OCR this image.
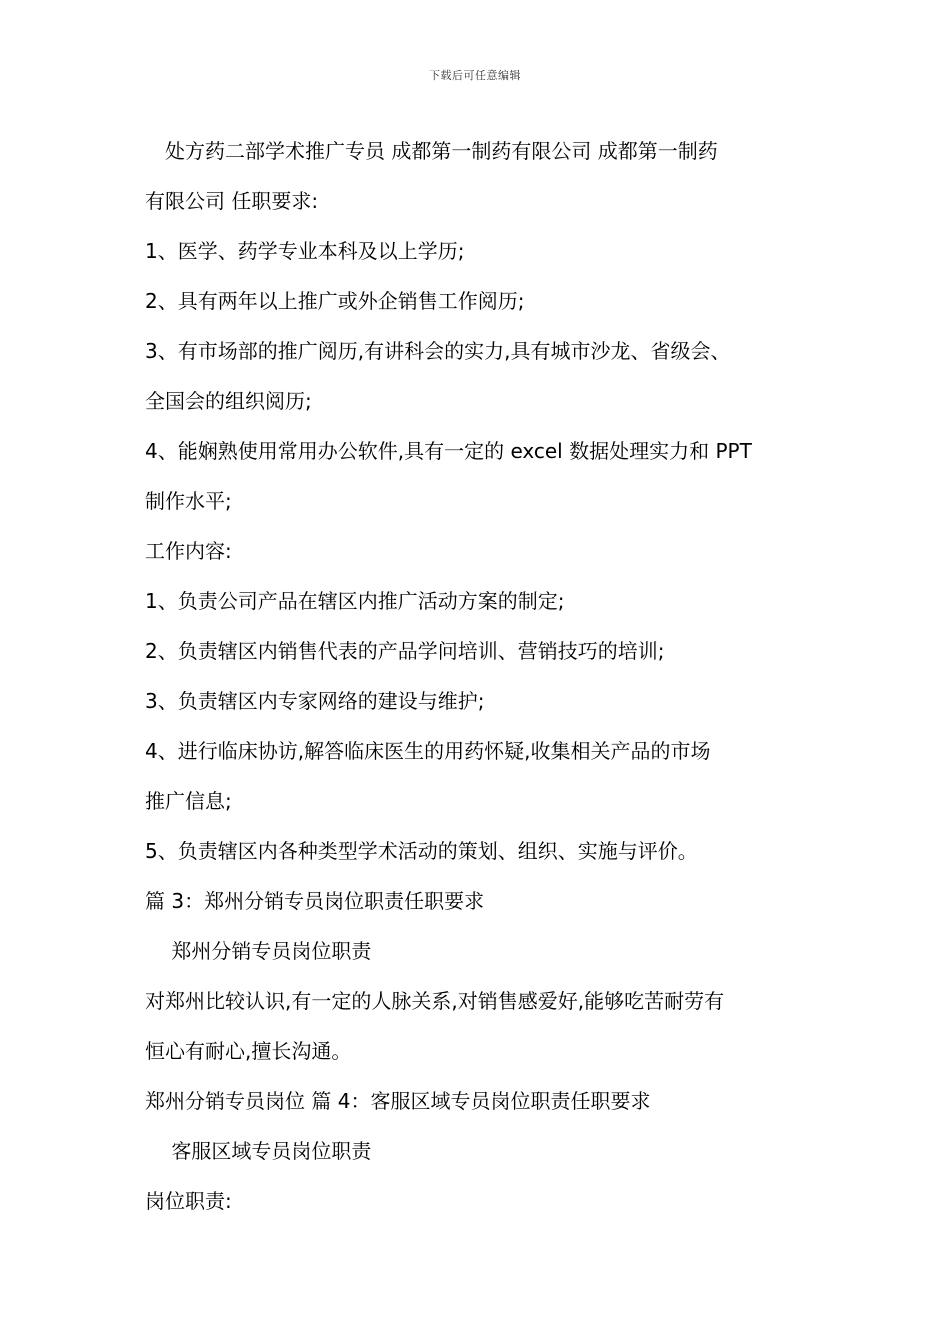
下载后可任意编辑
　处方药二部学术推广专员 成都第一制药有限公司 成都第一制药
有限公司 任职要求:
1、医学、药学专业本科及以上学历;
2、具有两年以上推广或外企销售工作阅历;
3、有市场部的推广阅历,有讲科会的实力,具有城市沙龙、省级会、
全国会的组织阅历;
4、能娴熟使用常用办公软件,具有一定的 excel 数据处理实力和 PPT
制作水平;
工作内容:
1、负责公司产品在辖区内推广活动方案的制定;
2、负责辖区内销售代表的产品学问培训、营销技巧的培训;
3、负责辖区内专家网络的建设与维护;
4、进行临床协访,解答临床医生的用药怀疑,收集相关产品的市场
推广信息;
5、负责辖区内各种类型学术活动的策划、组织、实施与评价。
篇 3：郑州分销专员岗位职责任职要求
　 郑州分销专员岗位职责
对郑州比较认识,有一定的人脉关系,对销售感爱好,能够吃苦耐劳有
恒心有耐心,擅长沟通。
郑州分销专员岗位 篇 4：客服区域专员岗位职责任职要求
　 客服区域专员岗位职责
岗位职责:
